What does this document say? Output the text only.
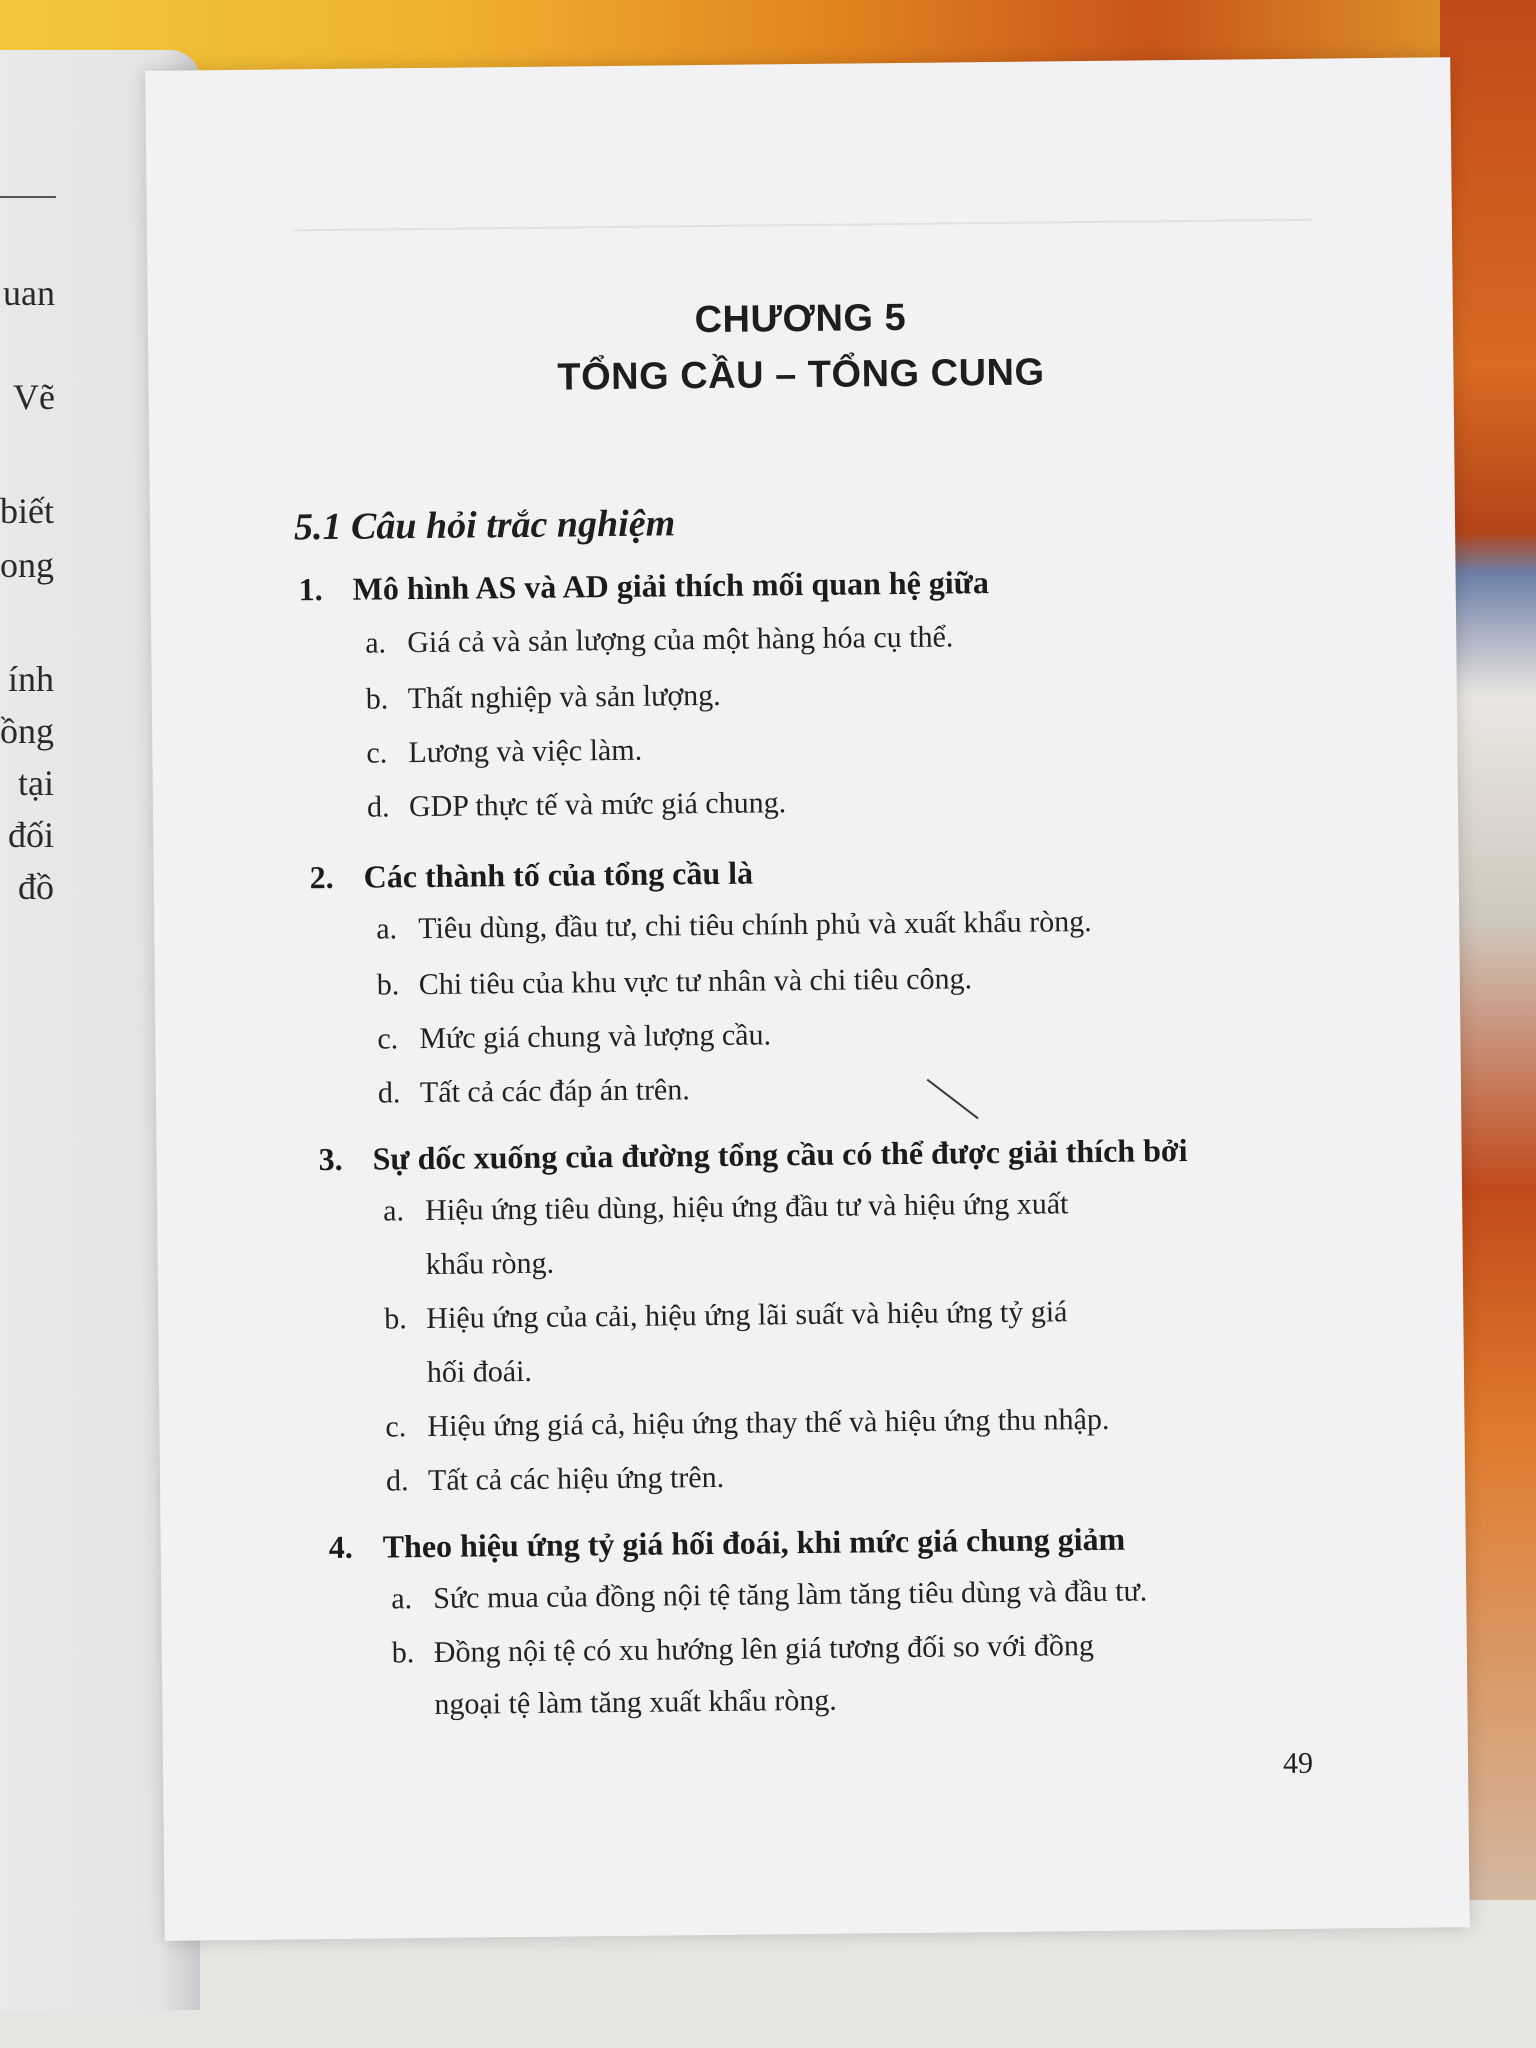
uan
Vẽ
biết
ong
ính
ồng
tại
đối
đồ
CHƯƠNG 5
TỔNG CẦU – TỔNG CUNG
5.1 Câu hỏi trắc nghiệm
1. Mô hình AS và AD giải thích mối quan hệ giữa
a. Giá cả và sản lượng của một hàng hóa cụ thể.
b. Thất nghiệp và sản lượng.
c. Lương và việc làm.
d. GDP thực tế và mức giá chung.
2. Các thành tố của tổng cầu là
a. Tiêu dùng, đầu tư, chi tiêu chính phủ và xuất khẩu ròng.
b. Chi tiêu của khu vực tư nhân và chi tiêu công.
c. Mức giá chung và lượng cầu.
d. Tất cả các đáp án trên.
3. Sự dốc xuống của đường tổng cầu có thể được giải thích bởi
a. Hiệu ứng tiêu dùng, hiệu ứng đầu tư và hiệu ứng xuất
khẩu ròng.
b. Hiệu ứng của cải, hiệu ứng lãi suất và hiệu ứng tỷ giá
hối đoái.
c. Hiệu ứng giá cả, hiệu ứng thay thế và hiệu ứng thu nhập.
d. Tất cả các hiệu ứng trên.
4. Theo hiệu ứng tỷ giá hối đoái, khi mức giá chung giảm
a. Sức mua của đồng nội tệ tăng làm tăng tiêu dùng và đầu tư.
b. Đồng nội tệ có xu hướng lên giá tương đối so với đồng
ngoại tệ làm tăng xuất khẩu ròng.
49
